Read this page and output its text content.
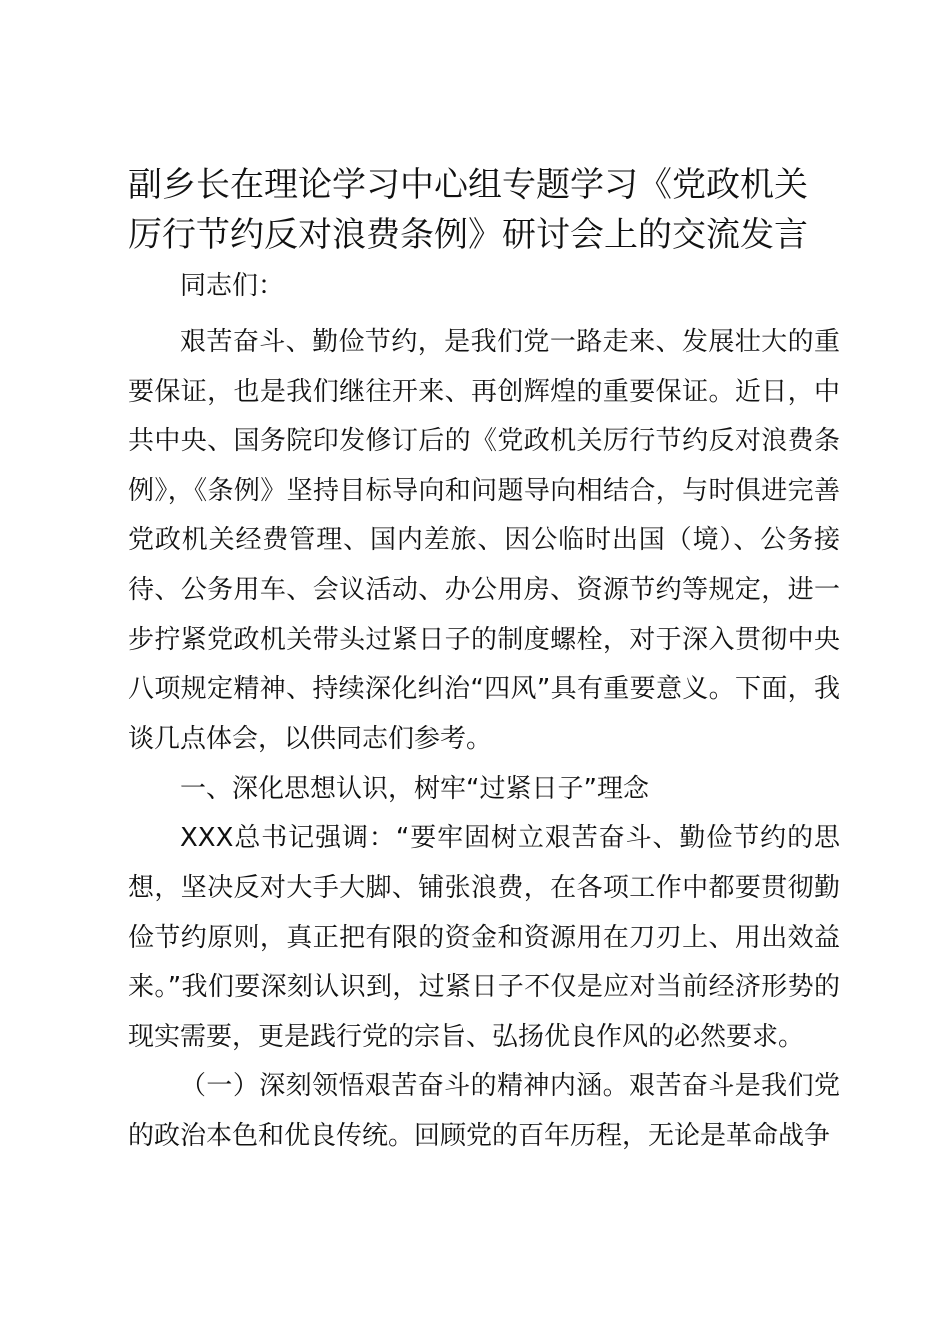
副乡长在理论学习中心组专题学习《党政机关
厉行节约反对浪费条例》研讨会上的交流发言

同志们：

艰苦奋斗、勤俭节约，是我们党一路走来、发展壮大的重要保证，也是我们继往开来、再创辉煌的重要保证。近日，中共中央、国务院印发修订后的《党政机关厉行节约反对浪费条例》，《条例》坚持目标导向和问题导向相结合，与时俱进完善党政机关经费管理、国内差旅、因公临时出国（境）、公务接待、公务用车、会议活动、办公用房、资源节约等规定，进一步拧紧党政机关带头过紧日子的制度螺栓，对于深入贯彻中央八项规定精神、持续深化纠治“四风”具有重要意义。下面，我谈几点体会，以供同志们参考。

一、深化思想认识，树牢“过紧日子”理念

XXX总书记强调：“要牢固树立艰苦奋斗、勤俭节约的思想，坚决反对大手大脚、铺张浪费，在各项工作中都要贯彻勤俭节约原则，真正把有限的资金和资源用在刀刃上、用出效益来。”我们要深刻认识到，过紧日子不仅是应对当前经济形势的现实需要，更是践行党的宗旨、弘扬优良作风的必然要求。

（一）深刻领悟艰苦奋斗的精神内涵。艰苦奋斗是我们党的政治本色和优良传统。回顾党的百年历程，无论是革命战争
